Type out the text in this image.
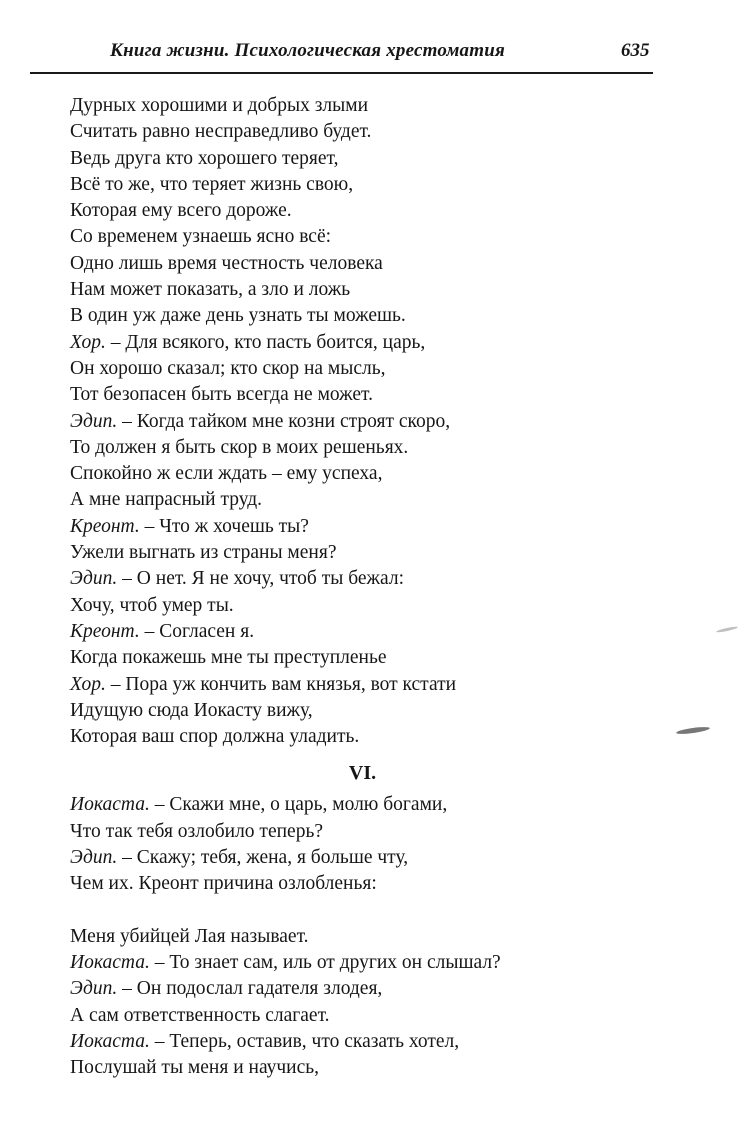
Книга жизни. Психологическая хрестоматия	635
Дурных хорошими и добрых злыми
Считать равно несправедливо будет.
Ведь друга кто хорошего теряет,
Всё то же, что теряет жизнь свою,
Которая ему всего дороже.
Со временем узнаешь ясно всё:
Одно лишь время честность человека
Нам может показать, а зло и ложь
В один уж даже день узнать ты можешь.
Хор. – Для всякого, кто пасть боится, царь,
Он хорошо сказал; кто скор на мысль,
Тот безопасен быть всегда не может.
Эдип. – Когда тайком мне козни строят скоро,
То должен я быть скор в моих решеньях.
Спокойно ж если ждать – ему успеха,
А мне напрасный труд.
Креонт. – Что ж хочешь ты?
Ужели выгнать из страны меня?
Эдип. – О нет. Я не хочу, чтоб ты бежал:
Хочу, чтоб умер ты.
Креонт. – Согласен я.
Когда покажешь мне ты преступленье
Хор. – Пора уж кончить вам князья, вот кстати
Идущую сюда Иокасту вижу,
Которая ваш спор должна уладить.
VI.
Иокаста. – Скажи мне, о царь, молю богами,
Что так тебя озлобило теперь?
Эдип. – Скажу; тебя, жена, я больше чту,
Чем их. Креонт причина озлобленья:
Меня убийцей Лая называет.
Иокаста. – То знает сам, иль от других он слышал?
Эдип. – Он подослал гадателя злодея,
А сам ответственность слагает.
Иокаста. – Теперь, оставив, что сказать хотел,
Послушай ты меня и научись,
